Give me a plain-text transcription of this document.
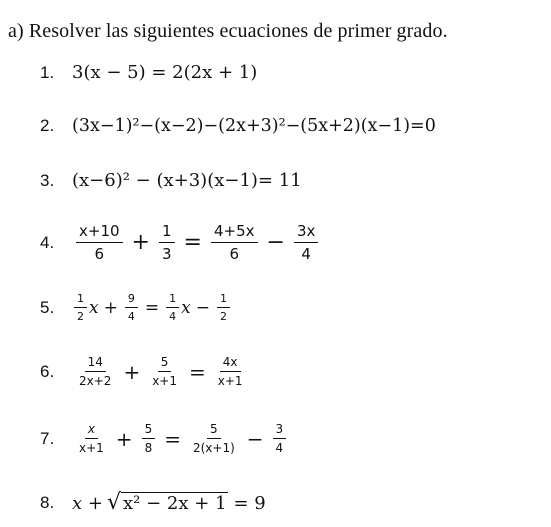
a) Resolver las siguientes ecuaciones de primer grado.
1. 3(x − 5) = 2(2x + 1)
2.	(3x−1)²−(x−2)−(2x+3)²−(5x+2)(x−1)=0
3. (x−6)² − (x+3)(x−1)= 11
4.	$\frac{x+10}{6} + \frac{1}{3} = \frac{4+5x}{6} - \frac{3x}{4}$
5.	$\frac{1}{2}$ $x + \frac{9}{4} = \frac{1}{4}$ $x - \frac{1}{2}$
6.	$\frac{14}{2x+2} + \frac{5}{x+1} = \frac{4x}{x+1}$
7.	$\frac{x}{x+1} + \frac{5}{8} = \frac{5}{2(x+1)} - \frac{3}{4}$
8. x + √ x² − 2x + 1 = 9
